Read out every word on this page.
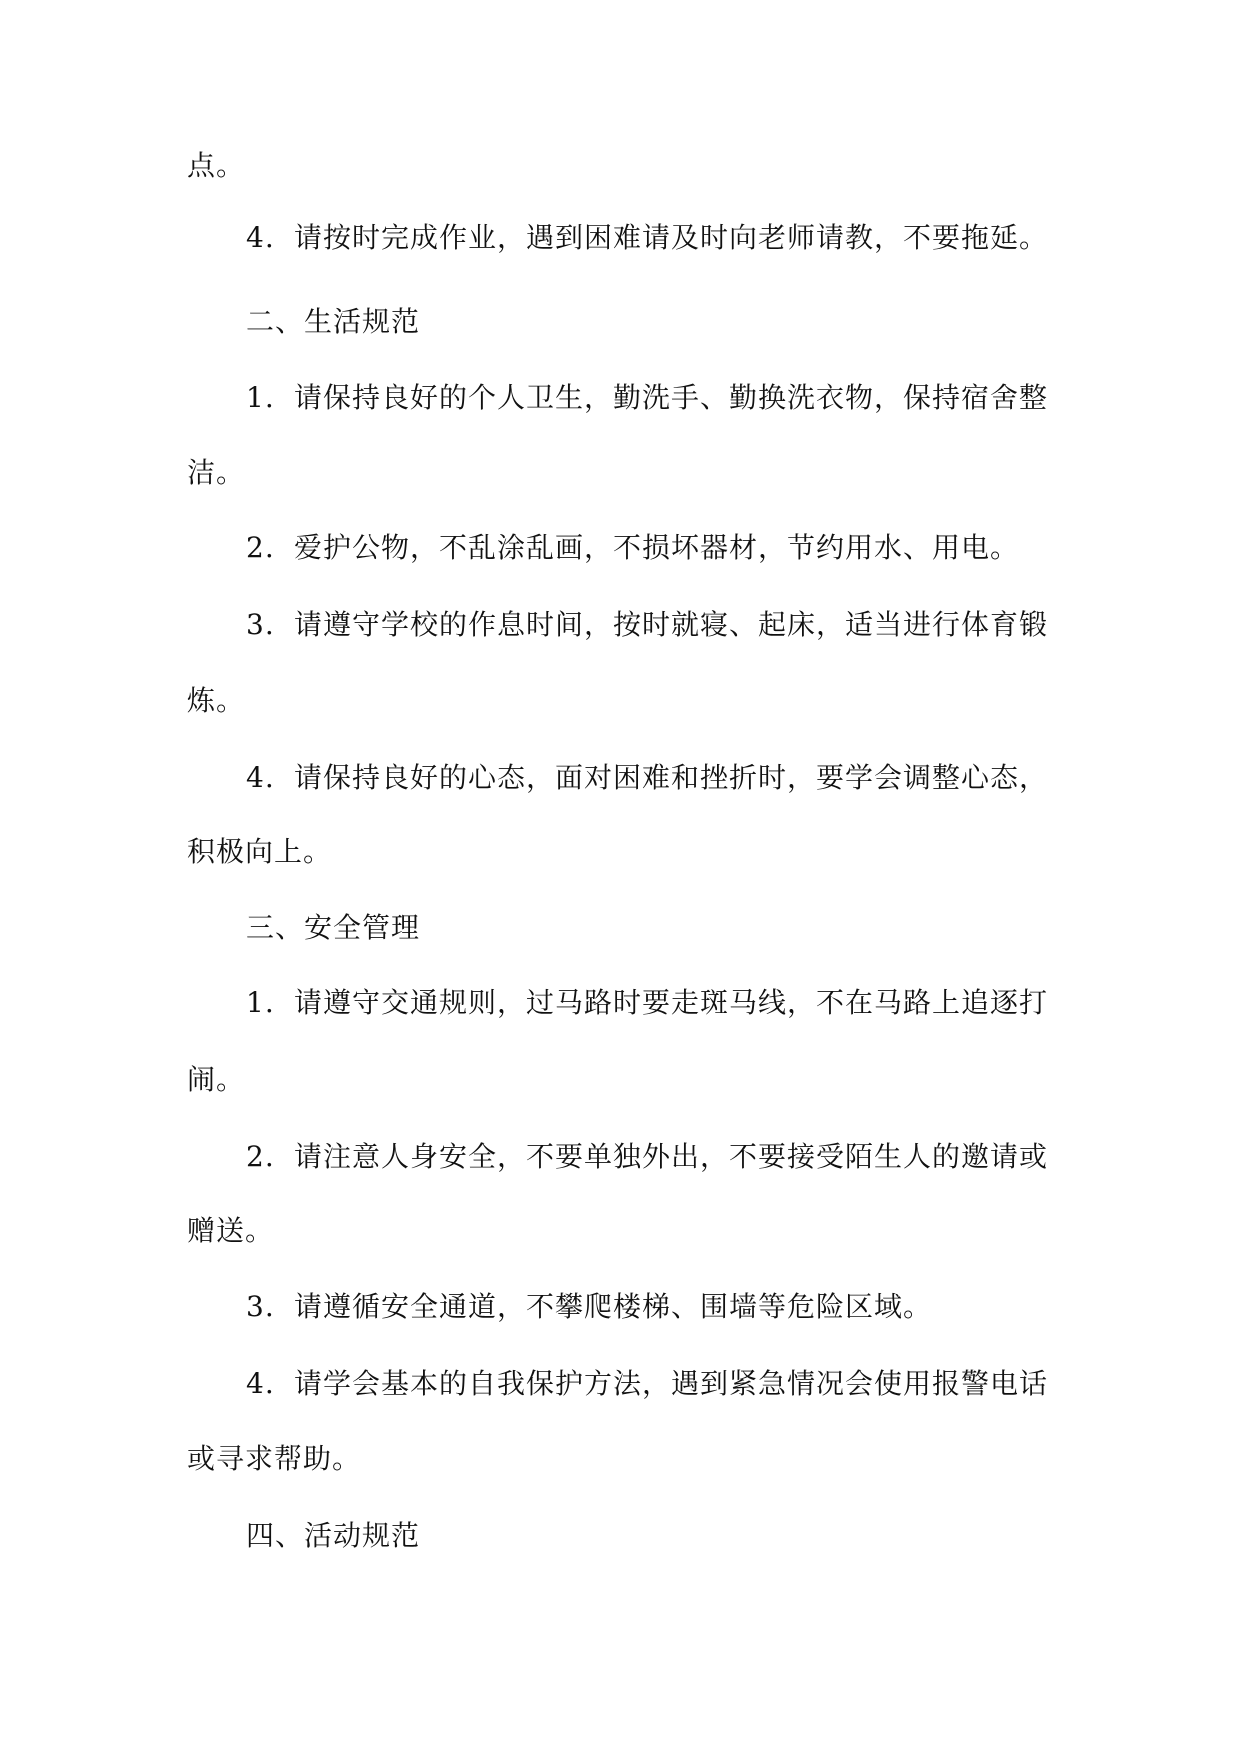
点。
4. 请按时完成作业，遇到困难请及时向老师请教，不要拖延。
二、生活规范
1. 请保持良好的个人卫生，勤洗手、勤换洗衣物，保持宿舍整
洁。
2. 爱护公物，不乱涂乱画，不损坏器材，节约用水、用电。
3. 请遵守学校的作息时间，按时就寝、起床，适当进行体育锻
炼。
4. 请保持良好的心态，面对困难和挫折时，要学会调整心态，
积极向上。
三、安全管理
1. 请遵守交通规则，过马路时要走斑马线，不在马路上追逐打
闹。
2. 请注意人身安全，不要单独外出，不要接受陌生人的邀请或
赠送。
3. 请遵循安全通道，不攀爬楼梯、围墙等危险区域。
4. 请学会基本的自我保护方法，遇到紧急情况会使用报警电话
或寻求帮助。
四、活动规范
